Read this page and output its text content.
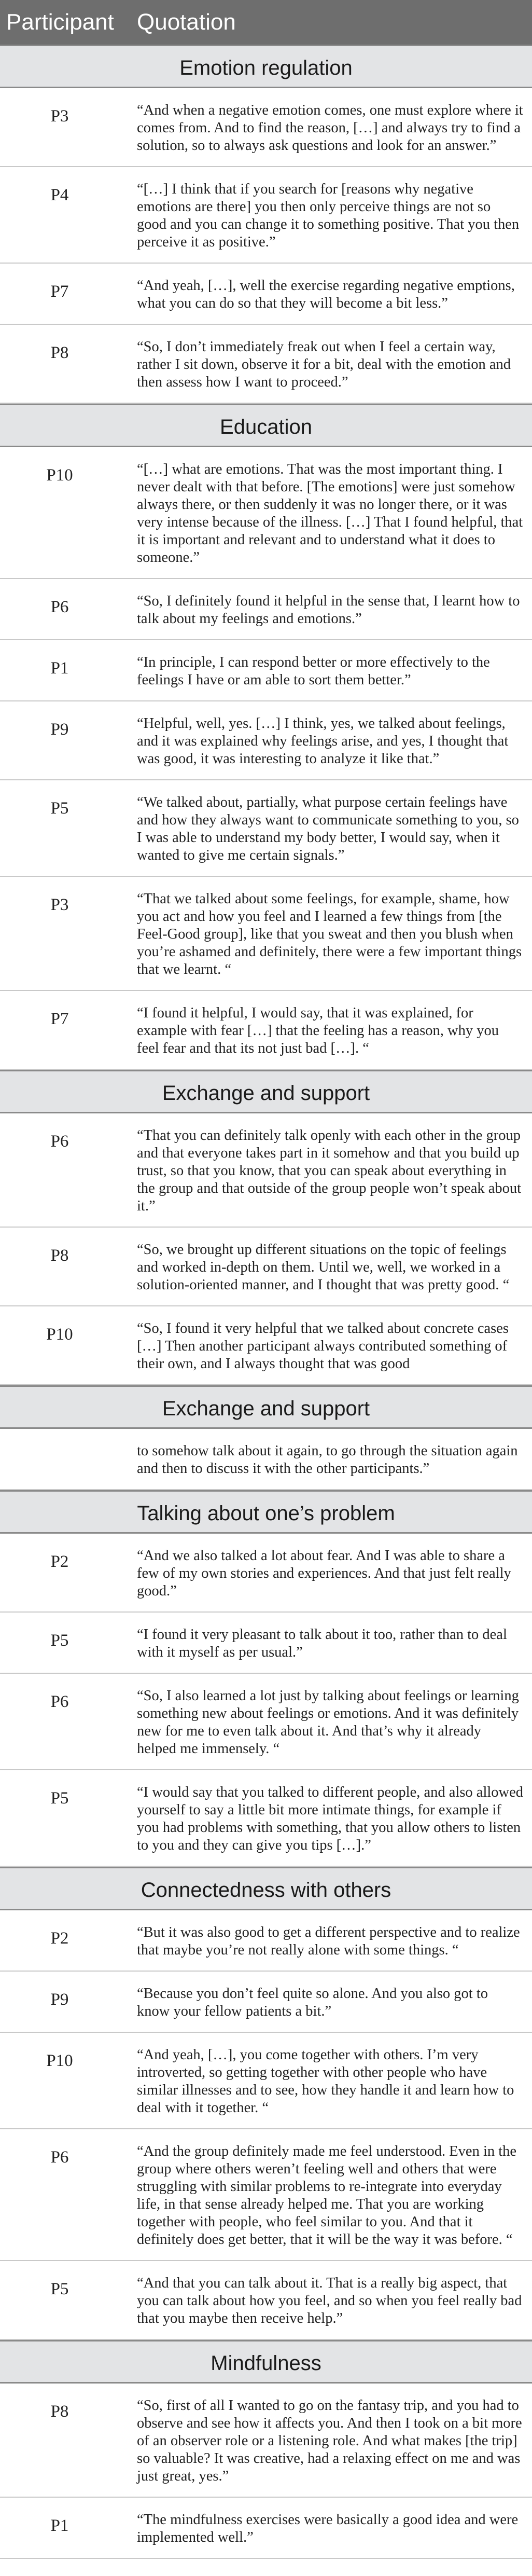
Participant	Quotation
Emotion regulation
P3	“And when a negative emotion comes, one must explore where it comes from. And to find the reason, […] and always try to find a solution, so to always ask questions and look for an answer.”
P4	“[…] I think that if you search for [reasons why negative emotions are there] you then only perceive things are not so good and you can change it to something positive. That you then perceive it as positive.”
P7	“And yeah, […], well the exercise regarding negative emptions, what you can do so that they will become a bit less.”
P8	“So, I don’t immediately freak out when I feel a certain way, rather I sit down, observe it for a bit, deal with the emotion and then assess how I want to proceed.”
Education
P10	“[…] what are emotions. That was the most important thing. I never dealt with that before. [The emotions] were just somehow always there, or then suddenly it was no longer there, or it was very intense because of the illness. […] That I found helpful, that it is important and relevant and to understand what it does to someone.”
P6	“So, I definitely found it helpful in the sense that, I learnt how to talk about my feelings and emotions.”
P1	“In principle, I can respond better or more effectively to the feelings I have or am able to sort them better.”
P9	“Helpful, well, yes. […] I think, yes, we talked about feelings, and it was explained why feelings arise, and yes, I thought that was good, it was interesting to analyze it like that.”
P5	“We talked about, partially, what purpose certain feelings have and how they always want to communicate something to you, so I was able to understand my body better, I would say, when it wanted to give me certain signals.”
P3	“That we talked about some feelings, for example, shame, how you act and how you feel and I learned a few things from [the Feel-Good group], like that you sweat and then you blush when you’re ashamed and definitely, there were a few important things that we learnt. “
P7	“I found it helpful, I would say, that it was explained, for example with fear […] that the feeling has a reason, why you feel fear and that its not just bad […]. “
Exchange and support
P6	“That you can definitely talk openly with each other in the group and that everyone takes part in it somehow and that you build up trust, so that you know, that you can speak about everything in the group and that outside of the group people won’t speak about it.”
P8	“So, we brought up different situations on the topic of feelings and worked in-depth on them. Until we, well, we worked in a solution-oriented manner, and I thought that was pretty good. “
P10	“So, I found it very helpful that we talked about concrete cases […] Then another participant always contributed something of their own, and I always thought that was good
Exchange and support
to somehow talk about it again, to go through the situation again and then to discuss it with the other participants.”
Talking about one’s problem
P2	“And we also talked a lot about fear. And I was able to share a few of my own stories and experiences. And that just felt really good.”
P5	“I found it very pleasant to talk about it too, rather than to deal with it myself as per usual.”
P6	“So, I also learned a lot just by talking about feelings or learning something new about feelings or emotions. And it was definitely new for me to even talk about it. And that’s why it already helped me immensely. “
P5	“I would say that you talked to different people, and also allowed yourself to say a little bit more intimate things, for example if you had problems with something, that you allow others to listen to you and they can give you tips […].”
Connectedness with others
P2	“But it was also good to get a different perspective and to realize that maybe you’re not really alone with some things. “
P9	“Because you don’t feel quite so alone. And you also got to know your fellow patients a bit.”
P10	“And yeah, […], you come together with others. I’m very introverted, so getting together with other people who have similar illnesses and to see, how they handle it and learn how to deal with it together. “
P6	“And the group definitely made me feel understood. Even in the group where others weren’t feeling well and others that were struggling with similar problems to re-integrate into everyday life, in that sense already helped me. That you are working together with people, who feel similar to you. And that it definitely does get better, that it will be the way it was before. “
P5	“And that you can talk about it. That is a really big aspect, that you can talk about how you feel, and so when you feel really bad that you maybe then receive help.”
Mindfulness
P8	“So, first of all I wanted to go on the fantasy trip, and you had to observe and see how it affects you. And then I took on a bit more of an observer role or a listening role. And what makes [the trip] so valuable? It was creative, had a relaxing effect on me and was just great, yes.”
P1	“The mindfulness exercises were basically a good idea and were implemented well.”
